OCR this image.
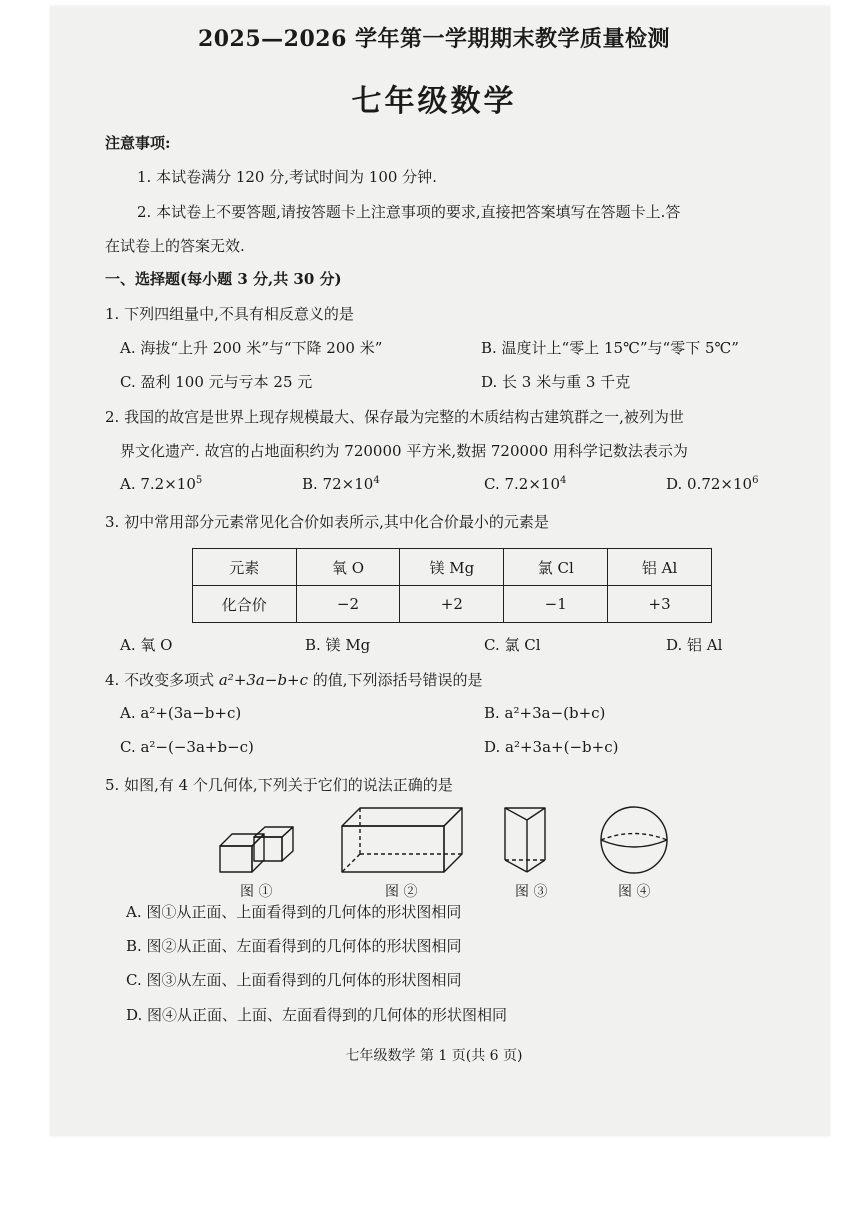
2025—2026 学年第一学期期末教学质量检测
七年级数学
注意事项:
1. 本试卷满分 120 分,考试时间为 100 分钟.
2. 本试卷上不要答题,请按答题卡上注意事项的要求,直接把答案填写在答题卡上.答
在试卷上的答案无效.
一、选择题(每小题 3 分,共 30 分)
1. 下列四组量中,不具有相反意义的是
A. 海拔“上升 200 米”与“下降 200 米”	B. 温度计上“零上 15℃”与“零下 5℃”
C. 盈利 100 元与亏本 25 元	D. 长 3 米与重 3 千克
2. 我国的故宫是世界上现存规模最大、保存最为完整的木质结构古建筑群之一,被列为世
界文化遗产. 故宫的占地面积约为 720000 平方米,数据 720000 用科学记数法表示为
A. $7.2\times 10^5$	B. $72\times 10^4$	C. $7.2\times 10^4$	D. $0.72\times 10^6$
3. 初中常用部分元素常见化合价如表所示,其中化合价最小的元素是
元素	氧 O	镁 Mg	氯 Cl	铝 Al
化合价	−2	+2	−1	+3
A. 氧 O	B. 镁 Mg	C. 氯 Cl	D. 铝 Al
4. 不改变多项式 a²+3a−b+c 的值,下列添括号错误的是
A. a²+(3a−b+c)	B. a²+3a−(b+c)
C. a²−(−3a+b−c)	D. a²+3a+(−b+c)
5. 如图,有 4 个几何体,下列关于它们的说法正确的是
图 ①	图 ②	图 ③	图 ④
A. 图①从正面、上面看得到的几何体的形状图相同
B. 图②从正面、左面看得到的几何体的形状图相同
C. 图③从左面、上面看得到的几何体的形状图相同
D. 图④从正面、上面、左面看得到的几何体的形状图相同
七年级数学 第 1 页(共 6 页)
